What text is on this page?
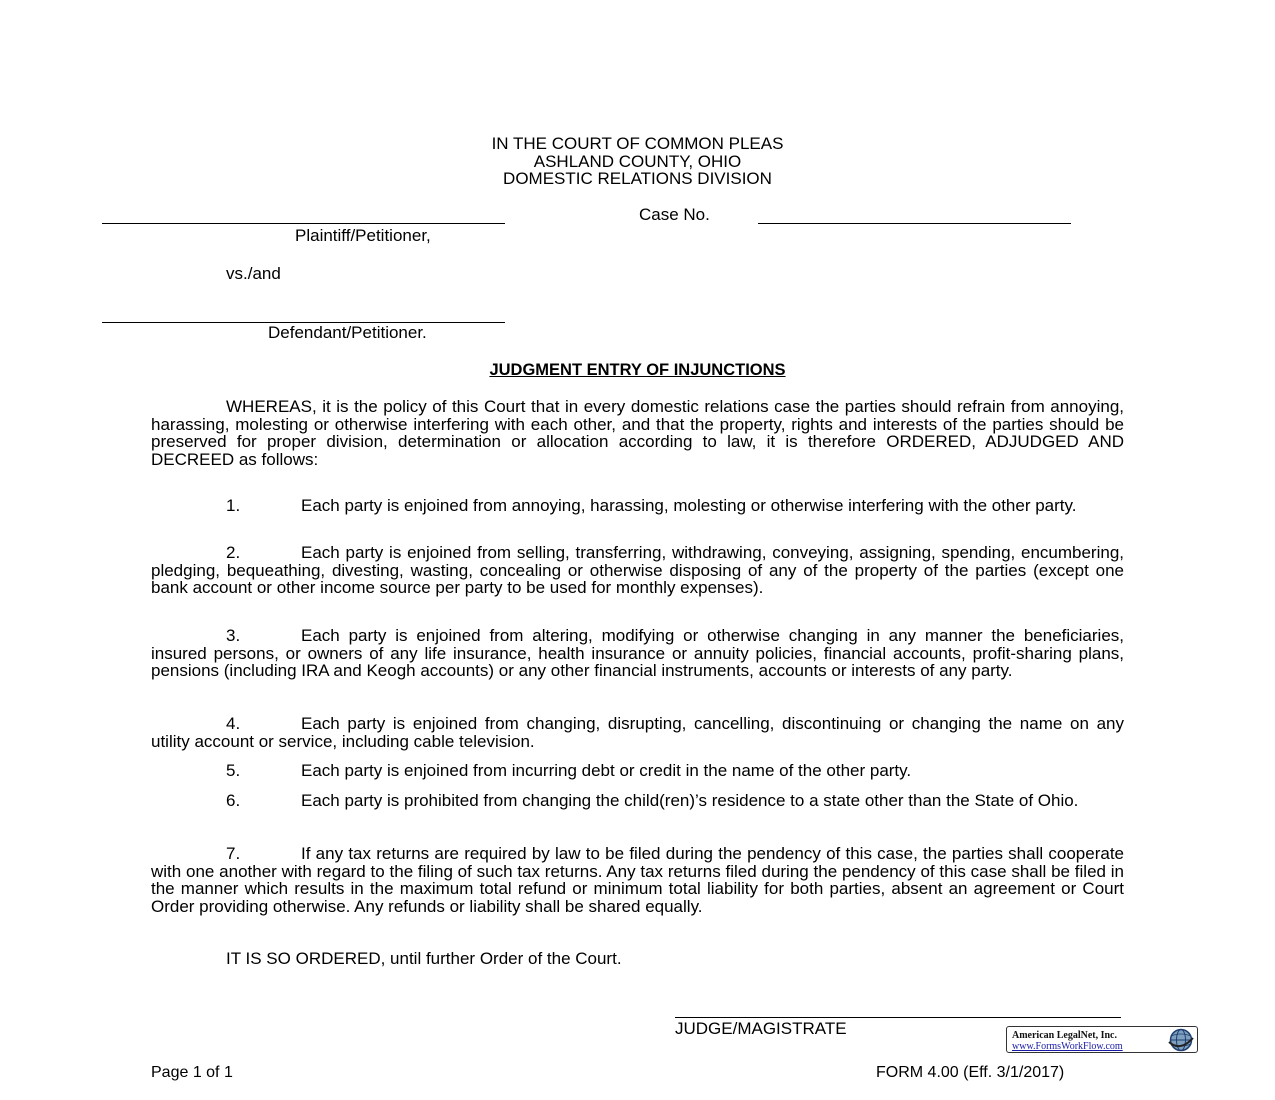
IN THE COURT OF COMMON PLEAS
ASHLAND COUNTY, OHIO
DOMESTIC RELATIONS DIVISION
Case No.
Plaintiff/Petitioner,
vs./and
Defendant/Petitioner.
JUDGMENT ENTRY OF INJUNCTIONS
WHEREAS, it is the policy of this Court that in every domestic relations case the parties should refrain from annoying, harassing, molesting or otherwise interfering with each other, and that the property, rights and interests of the parties should be preserved for proper division, determination or allocation according to law, it is therefore ORDERED, ADJUDGED AND DECREED as follows:
1.	Each party is enjoined from annoying, harassing, molesting or otherwise interfering with the other party.
2.	Each party is enjoined from selling, transferring, withdrawing, conveying, assigning, spending, encumbering, pledging, bequeathing, divesting, wasting, concealing or otherwise disposing of any of the property of the parties (except one bank account or other income source per party to be used for monthly expenses).
3.	Each party is enjoined from altering, modifying or otherwise changing in any manner the beneficiaries, insured persons, or owners of any life insurance, health insurance or annuity policies, financial accounts, profit-sharing plans, pensions (including IRA and Keogh accounts) or any other financial instruments, accounts or interests of any party.
4.	Each party is enjoined from changing, disrupting, cancelling, discontinuing or changing the name on any utility account or service, including cable television.
5.	Each party is enjoined from incurring debt or credit in the name of the other party.
6.	Each party is prohibited from changing the child(ren)’s residence to a state other than the State of Ohio.
7.	If any tax returns are required by law to be filed during the pendency of this case, the parties shall cooperate with one another with regard to the filing of such tax returns. Any tax returns filed during the pendency of this case shall be filed in the manner which results in the maximum total refund or minimum total liability for both parties, absent an agreement or Court Order providing otherwise. Any refunds or liability shall be shared equally.
IT IS SO ORDERED, until further Order of the Court.
JUDGE/MAGISTRATE	American LegalNet, Inc.
www.FormsWorkFlow.com
Page 1 of 1	FORM 4.00 (Eff. 3/1/2017)
